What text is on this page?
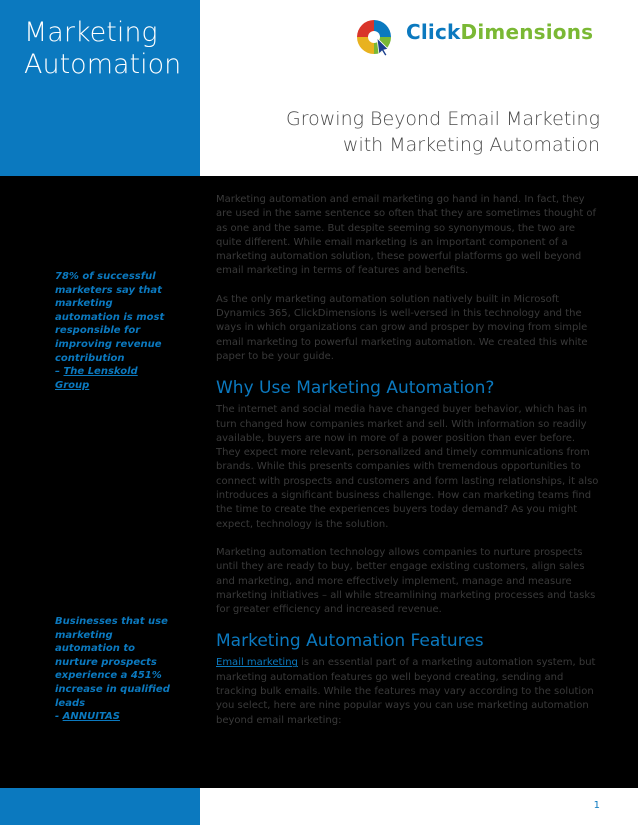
Marketing
Automation
ClickDimensions
Growing Beyond Email Marketing
with Marketing Automation
78% of successful marketers say that marketing automation is most responsible for improving revenue contribution
– The Lenskold Group
Businesses that use marketing automation to nurture prospects experience a 451% increase in qualified leads
- ANNUITAS

Marketing automation and email marketing go hand in hand. In fact, they are used in the same sentence so often that they are sometimes thought of as one and the same. But despite seeming so synonymous, the two are quite different. While email marketing is an important component of a marketing automation solution, these powerful platforms go well beyond email marketing in terms of features and benefits.

As the only marketing automation solution natively built in Microsoft Dynamics 365, ClickDimensions is well-versed in this technology and the ways in which organizations can grow and prosper by moving from simple email marketing to powerful marketing automation. We created this white paper to be your guide.

Why Use Marketing Automation?

The internet and social media have changed buyer behavior, which has in turn changed how companies market and sell. With information so readily available, buyers are now in more of a power position than ever before. They expect more relevant, personalized and timely communications from brands. While this presents companies with tremendous opportunities to connect with prospects and customers and form lasting relationships, it also introduces a significant business challenge. How can marketing teams find the time to create the experiences buyers today demand? As you might expect, technology is the solution.

Marketing automation technology allows companies to nurture prospects until they are ready to buy, better engage existing customers, align sales and marketing, and more effectively implement, manage and measure marketing initiatives – all while streamlining marketing processes and tasks for greater efficiency and increased revenue.

Marketing Automation Features

Email marketing is an essential part of a marketing automation system, but marketing automation features go well beyond creating, sending and tracking bulk emails. While the features may vary according to the solution you select, here are nine popular ways you can use marketing automation beyond email marketing:

1
